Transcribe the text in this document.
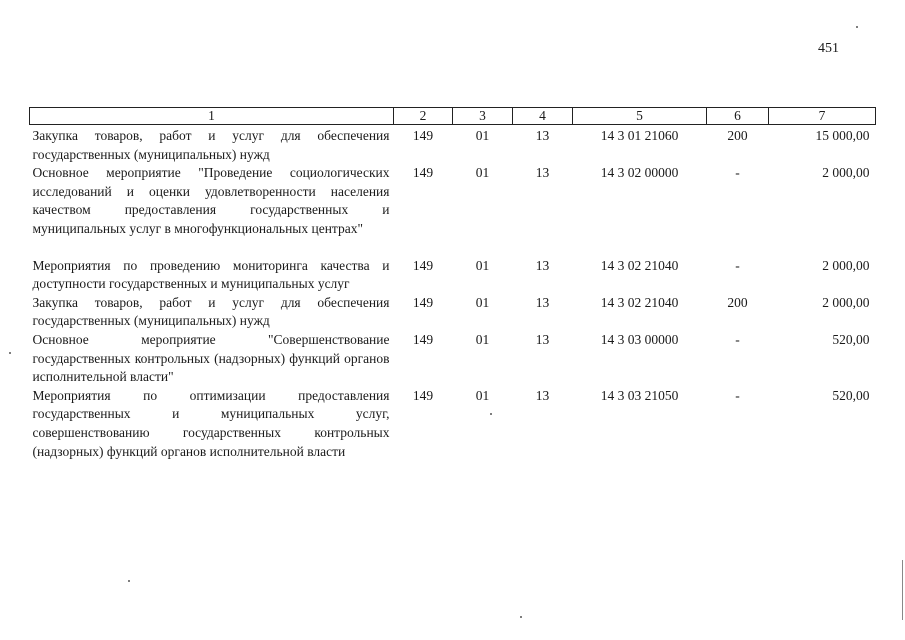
451
1	2	3	4	5	6	7
Закупка товаров, работ и услуг для обеспечения государственных (муниципальных) нужд	149	01	13	14 3 01 21060	200	15 000,00
Основное мероприятие "Проведение социологических исследований и оценки удовлетворенности населения качеством предоставления государственных и муниципальных услуг в многофункциональных центрах"	149	01	13	14 3 02 00000	-	2 000,00
Мероприятия по проведению мониторинга качества и доступности государственных и муниципальных услуг	149	01	13	14 3 02 21040	-	2 000,00
Закупка товаров, работ и услуг для обеспечения государственных (муниципальных) нужд	149	01	13	14 3 02 21040	200	2 000,00
Основное мероприятие "Совершенствование государственных контрольных (надзорных) функций органов исполнительной власти"	149	01	13	14 3 03 00000	-	520,00
Мероприятия по оптимизации предоставления государственных и муниципальных услуг, совершенствованию государственных контрольных (надзорных) функций органов исполнительной власти	149	01	13	14 3 03 21050	-	520,00
